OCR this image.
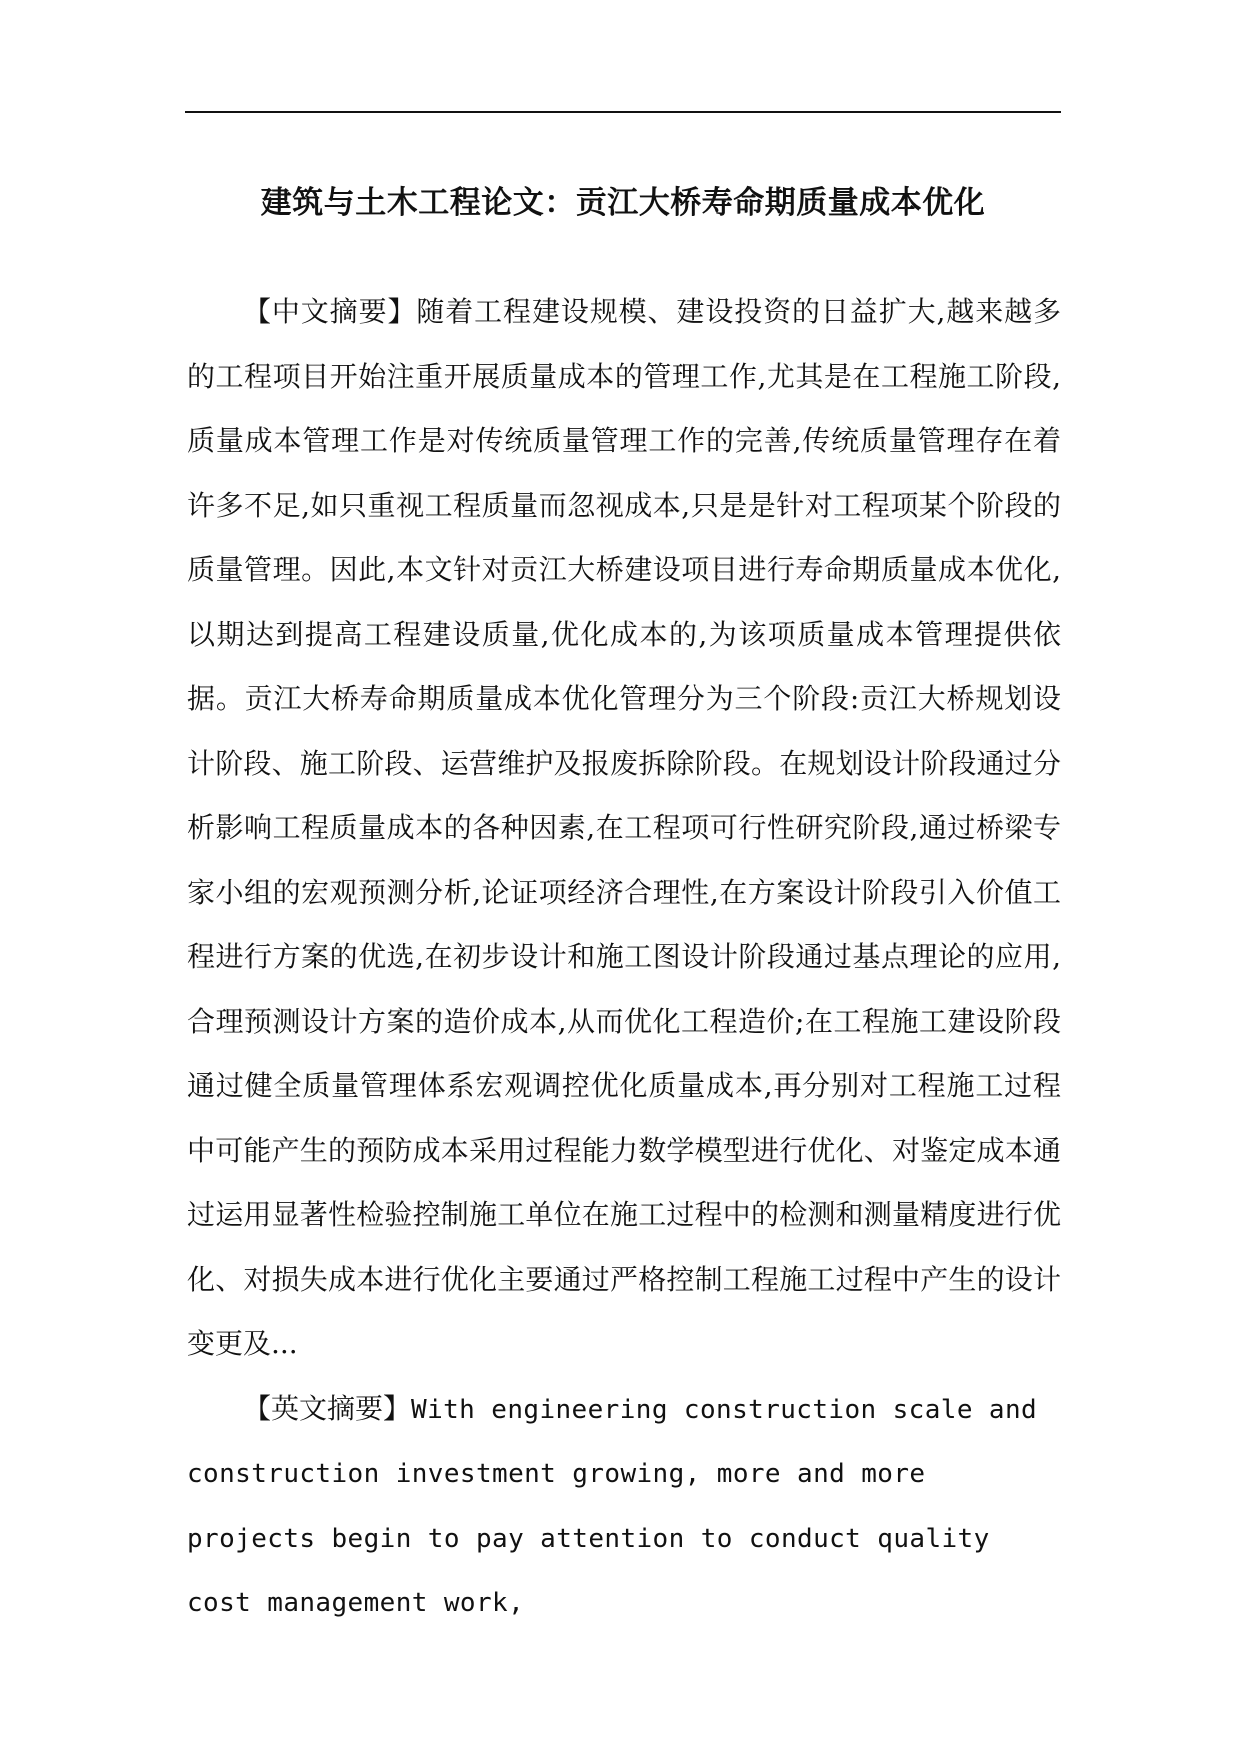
建筑与土木工程论文：贡江大桥寿命期质量成本优化

【中文摘要】随着工程建设规模、建设投资的日益扩大,越来越多的工程项目开始注重开展质量成本的管理工作,尤其是在工程施工阶段,质量成本管理工作是对传统质量管理工作的完善,传统质量管理存在着许多不足,如只重视工程质量而忽视成本,只是是针对工程项某个阶段的质量管理。因此,本文针对贡江大桥建设项目进行寿命期质量成本优化,以期达到提高工程建设质量,优化成本的,为该项质量成本管理提供依据。贡江大桥寿命期质量成本优化管理分为三个阶段:贡江大桥规划设计阶段、施工阶段、运营维护及报废拆除阶段。在规划设计阶段通过分析影响工程质量成本的各种因素,在工程项可行性研究阶段,通过桥梁专家小组的宏观预测分析,论证项经济合理性,在方案设计阶段引入价值工程进行方案的优选,在初步设计和施工图设计阶段通过基点理论的应用,合理预测设计方案的造价成本,从而优化工程造价;在工程施工建设阶段通过健全质量管理体系宏观调控优化质量成本,再分别对工程施工过程中可能产生的预防成本采用过程能力数学模型进行优化、对鉴定成本通过运用显著性检验控制施工单位在施工过程中的检测和测量精度进行优化、对损失成本进行优化主要通过严格控制工程施工过程中产生的设计变更及...

【英文摘要】With engineering construction scale and construction investment growing, more and more projects begin to pay attention to conduct quality cost management work,
